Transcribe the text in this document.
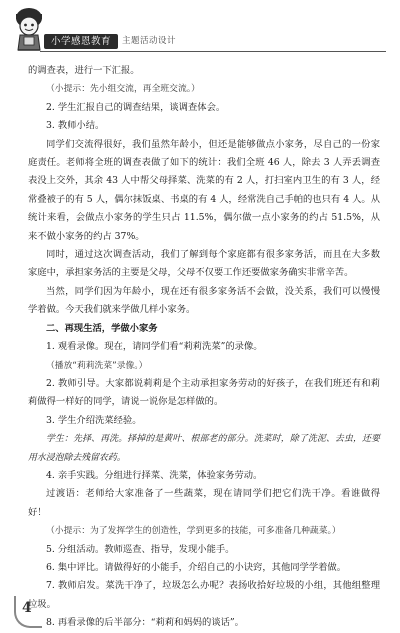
小学感恩教育	主题活动设计

的调查表，进行一下汇报。

（小提示：先小组交流，再全班交流。）

2. 学生汇报自己的调查结果，谈调查体会。

3. 教师小结。

同学们交流得很好，我们虽然年龄小，但还是能够做点小家务，尽自己的一份家庭责任。老师将全班的调查表做了如下的统计：我们全班 46 人，除去 3 人弄丢调查表没上交外，其余 43 人中帮父母择菜、洗菜的有 2 人，打扫室内卫生的有 3 人，经常叠被子的有 5 人，偶尔抹饭桌、书桌的有 4 人，经常洗自己手帕的也只有 4 人。从统计来看，会做点小家务的学生只占 11.5%，偶尔做一点小家务的约占 51.5%，从来不做小家务的约占 37%。

同时，通过这次调查活动，我们了解到每个家庭都有很多家务活，而且在大多数家庭中，承担家务活的主要是父母，父母不仅要工作还要做家务确实非常辛苦。

当然，同学们因为年龄小，现在还有很多家务活不会做，没关系，我们可以慢慢学着做。今天我们就来学做几样小家务。

二、再现生活，学做小家务

1. 观看录像。现在，请同学们看“莉莉洗菜”的录像。

（播放“莉莉洗菜”录像。）

2. 教师引导。大家都说莉莉是个主动承担家务劳动的好孩子，在我们班还有和莉莉做得一样好的同学，请说一说你是怎样做的。

3. 学生介绍洗菜经验。

学生：先择、再洗。择掉的是黄叶、根部老的部分。洗菜时，除了洗泥、去虫，还要用水浸泡除去残留农药。

4. 亲手实践。分组进行择菜、洗菜，体验家务劳动。

过渡语：老师给大家准备了一些蔬菜，现在请同学们把它们洗干净。看谁做得好！

（小提示：为了发挥学生的创造性，学到更多的技能，可多准备几种蔬菜。）

5. 分组活动。教师巡查、指导，发现小能手。

6. 集中评比。请做得好的小能手，介绍自己的小诀窍，其他同学学着做。

7. 教师启发。菜洗干净了，垃圾怎么办呢？表扬收拾好垃圾的小组，其他组整理垃圾。

8. 再看录像的后半部分：“莉莉和妈妈的谈话”。

4
